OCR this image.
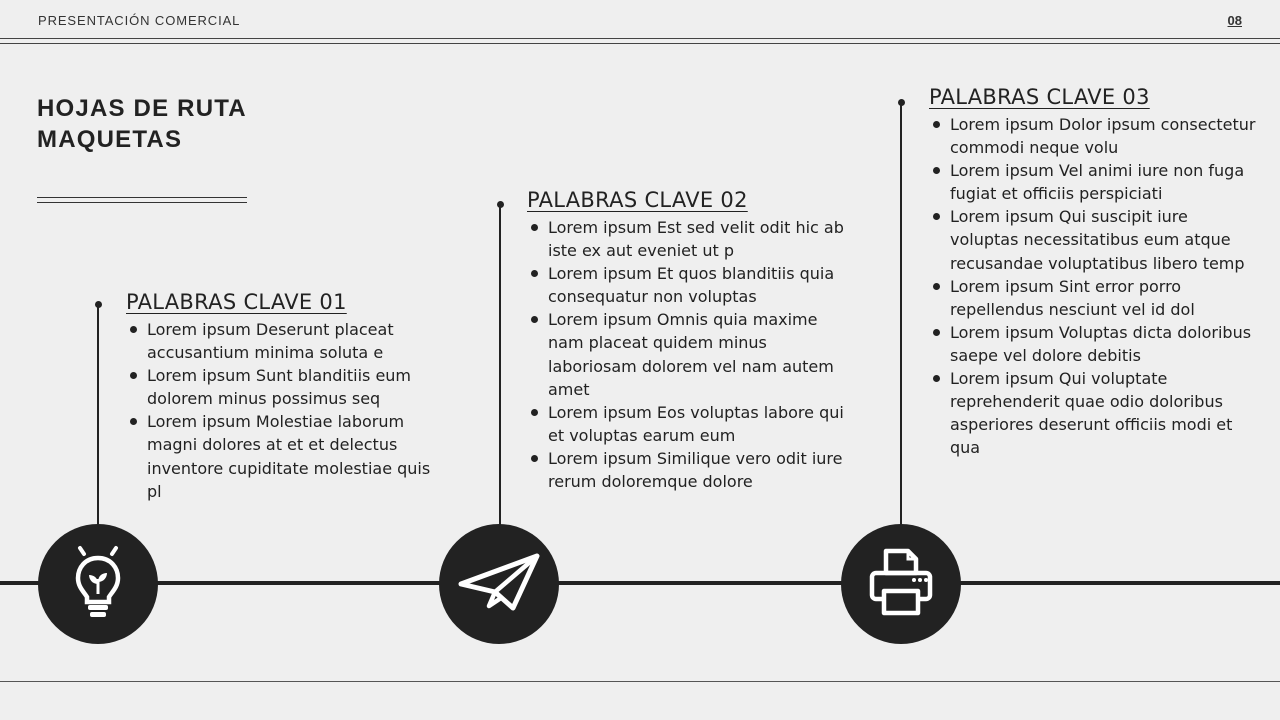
PRESENTACIÓN COMERCIAL	08
HOJAS DE RUTA
MAQUETAS
PALABRAS CLAVE 01
Lorem ipsum Deserunt placeat accusantium minima soluta e
Lorem ipsum Sunt blanditiis eum dolorem minus possimus seq
Lorem ipsum Molestiae laborum magni dolores at et et delectus inventore cupiditate molestiae quis pl
PALABRAS CLAVE 02
Lorem ipsum Est sed velit odit hic ab iste ex aut eveniet ut p
Lorem ipsum Et quos blanditiis quia consequatur non voluptas
Lorem ipsum Omnis quia maxime nam placeat quidem minus laboriosam dolorem vel nam autem amet
Lorem ipsum Eos voluptas labore qui et voluptas earum eum
Lorem ipsum Similique vero odit iure rerum doloremque dolore
PALABRAS CLAVE 03
Lorem ipsum Dolor ipsum consectetur commodi neque volu
Lorem ipsum Vel animi iure non fuga fugiat et officiis perspiciati
Lorem ipsum Qui suscipit iure voluptas necessitatibus eum atque recusandae voluptatibus libero temp
Lorem ipsum Sint error porro repellendus nesciunt vel id dol
Lorem ipsum Voluptas dicta doloribus saepe vel dolore debitis
Lorem ipsum Qui voluptate reprehenderit quae odio doloribus asperiores deserunt officiis modi et qua
